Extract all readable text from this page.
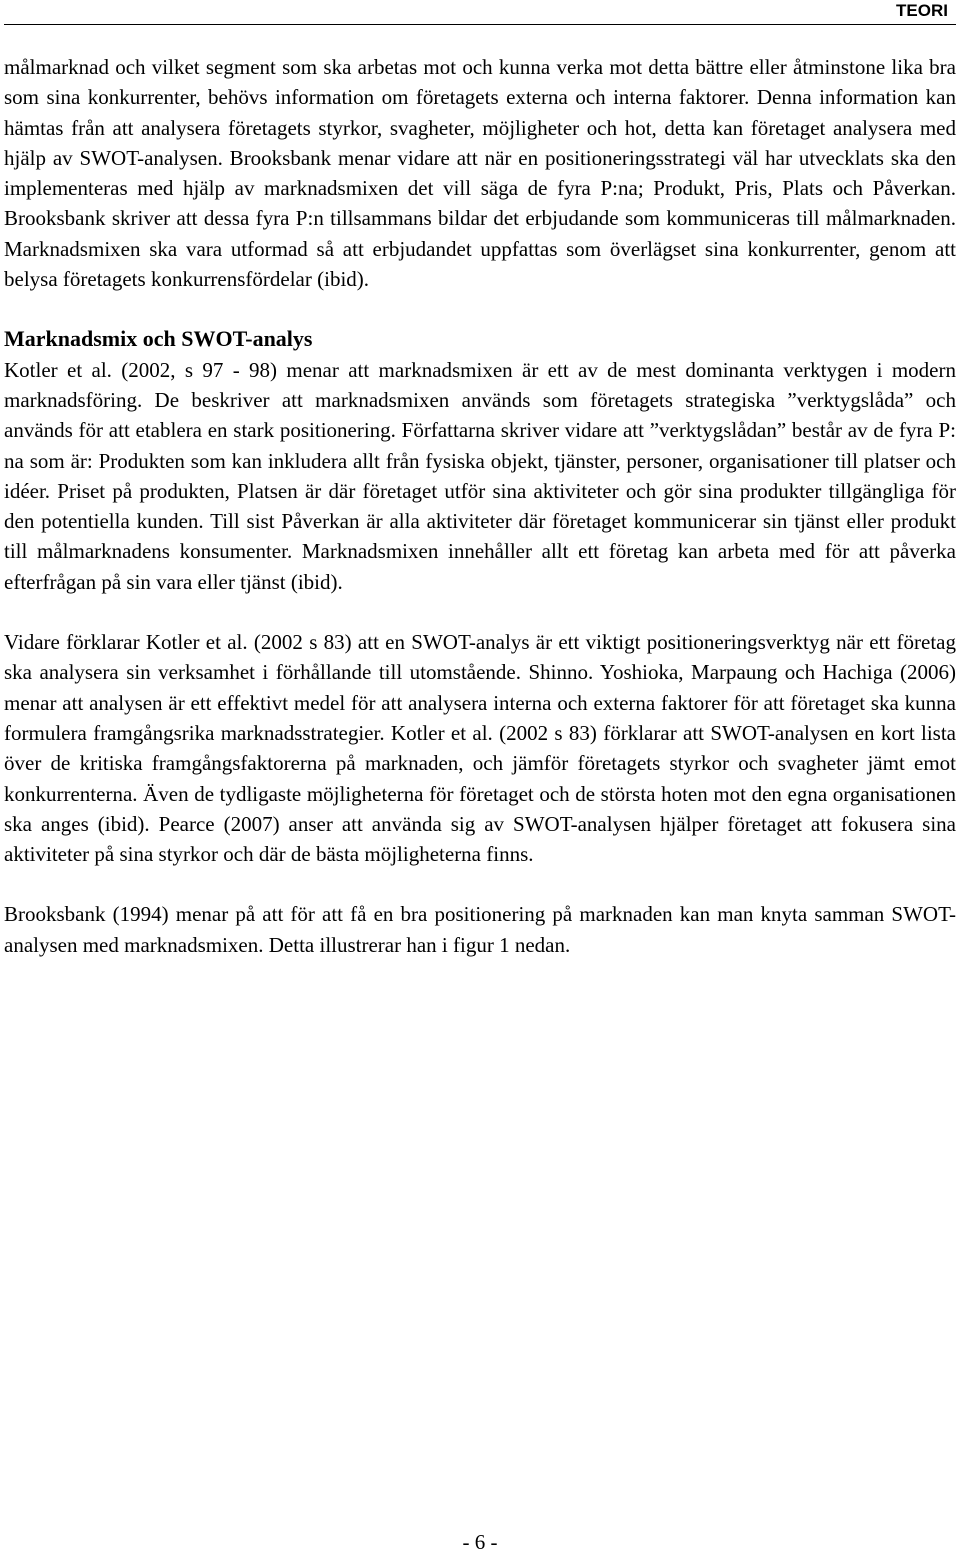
TEORI

målmarknad och vilket segment som ska arbetas mot och kunna verka mot detta bättre eller åtminstone lika bra som sina konkurrenter, behövs information om företagets externa och interna faktorer. Denna information kan hämtas från att analysera företagets styrkor, svagheter, möjligheter och hot, detta kan företaget analysera med hjälp av SWOT-analysen. Brooksbank menar vidare att när en positioneringsstrategi väl har utvecklats ska den implementeras med hjälp av marknadsmixen det vill säga de fyra P:na; Produkt, Pris, Plats och Påverkan. Brooksbank skriver att dessa fyra P:n tillsammans bildar det erbjudande som kommuniceras till målmarknaden. Marknadsmixen ska vara utformad så att erbjudandet uppfattas som överlägset sina konkurrenter, genom att belysa företagets konkurrensfördelar (ibid).

Marknadsmix och SWOT-analys

Kotler et al. (2002, s 97 - 98) menar att marknadsmixen är ett av de mest dominanta verktygen i modern marknadsföring. De beskriver att marknadsmixen används som företagets strategiska ”verktygslåda” och används för att etablera en stark positionering. Författarna skriver vidare att ”verktygslådan” består av de fyra P: na som är: Produkten som kan inkludera allt från fysiska objekt, tjänster, personer, organisationer till platser och idéer. Priset på produkten, Platsen är där företaget utför sina aktiviteter och gör sina produkter tillgängliga för den potentiella kunden. Till sist Påverkan är alla aktiviteter där företaget kommunicerar sin tjänst eller produkt till målmarknadens konsumenter. Marknadsmixen innehåller allt ett företag kan arbeta med för att påverka efterfrågan på sin vara eller tjänst (ibid).

Vidare förklarar Kotler et al. (2002 s 83) att en SWOT-analys är ett viktigt positioneringsverktyg när ett företag ska analysera sin verksamhet i förhållande till utomstående. Shinno. Yoshioka, Marpaung och Hachiga (2006) menar att analysen är ett effektivt medel för att analysera interna och externa faktorer för att företaget ska kunna formulera framgångsrika marknadsstrategier. Kotler et al. (2002 s 83) förklarar att SWOT-analysen en kort lista över de kritiska framgångsfaktorerna på marknaden, och jämför företagets styrkor och svagheter jämt emot konkurrenterna. Även de tydligaste möjligheterna för företaget och de största hoten mot den egna organisationen ska anges (ibid). Pearce (2007) anser att använda sig av SWOT-analysen hjälper företaget att fokusera sina aktiviteter på sina styrkor och där de bästa möjligheterna finns.

Brooksbank (1994) menar på att för att få en bra positionering på marknaden kan man knyta samman SWOT-analysen med marknadsmixen. Detta illustrerar han i figur 1 nedan.

- 6 -
